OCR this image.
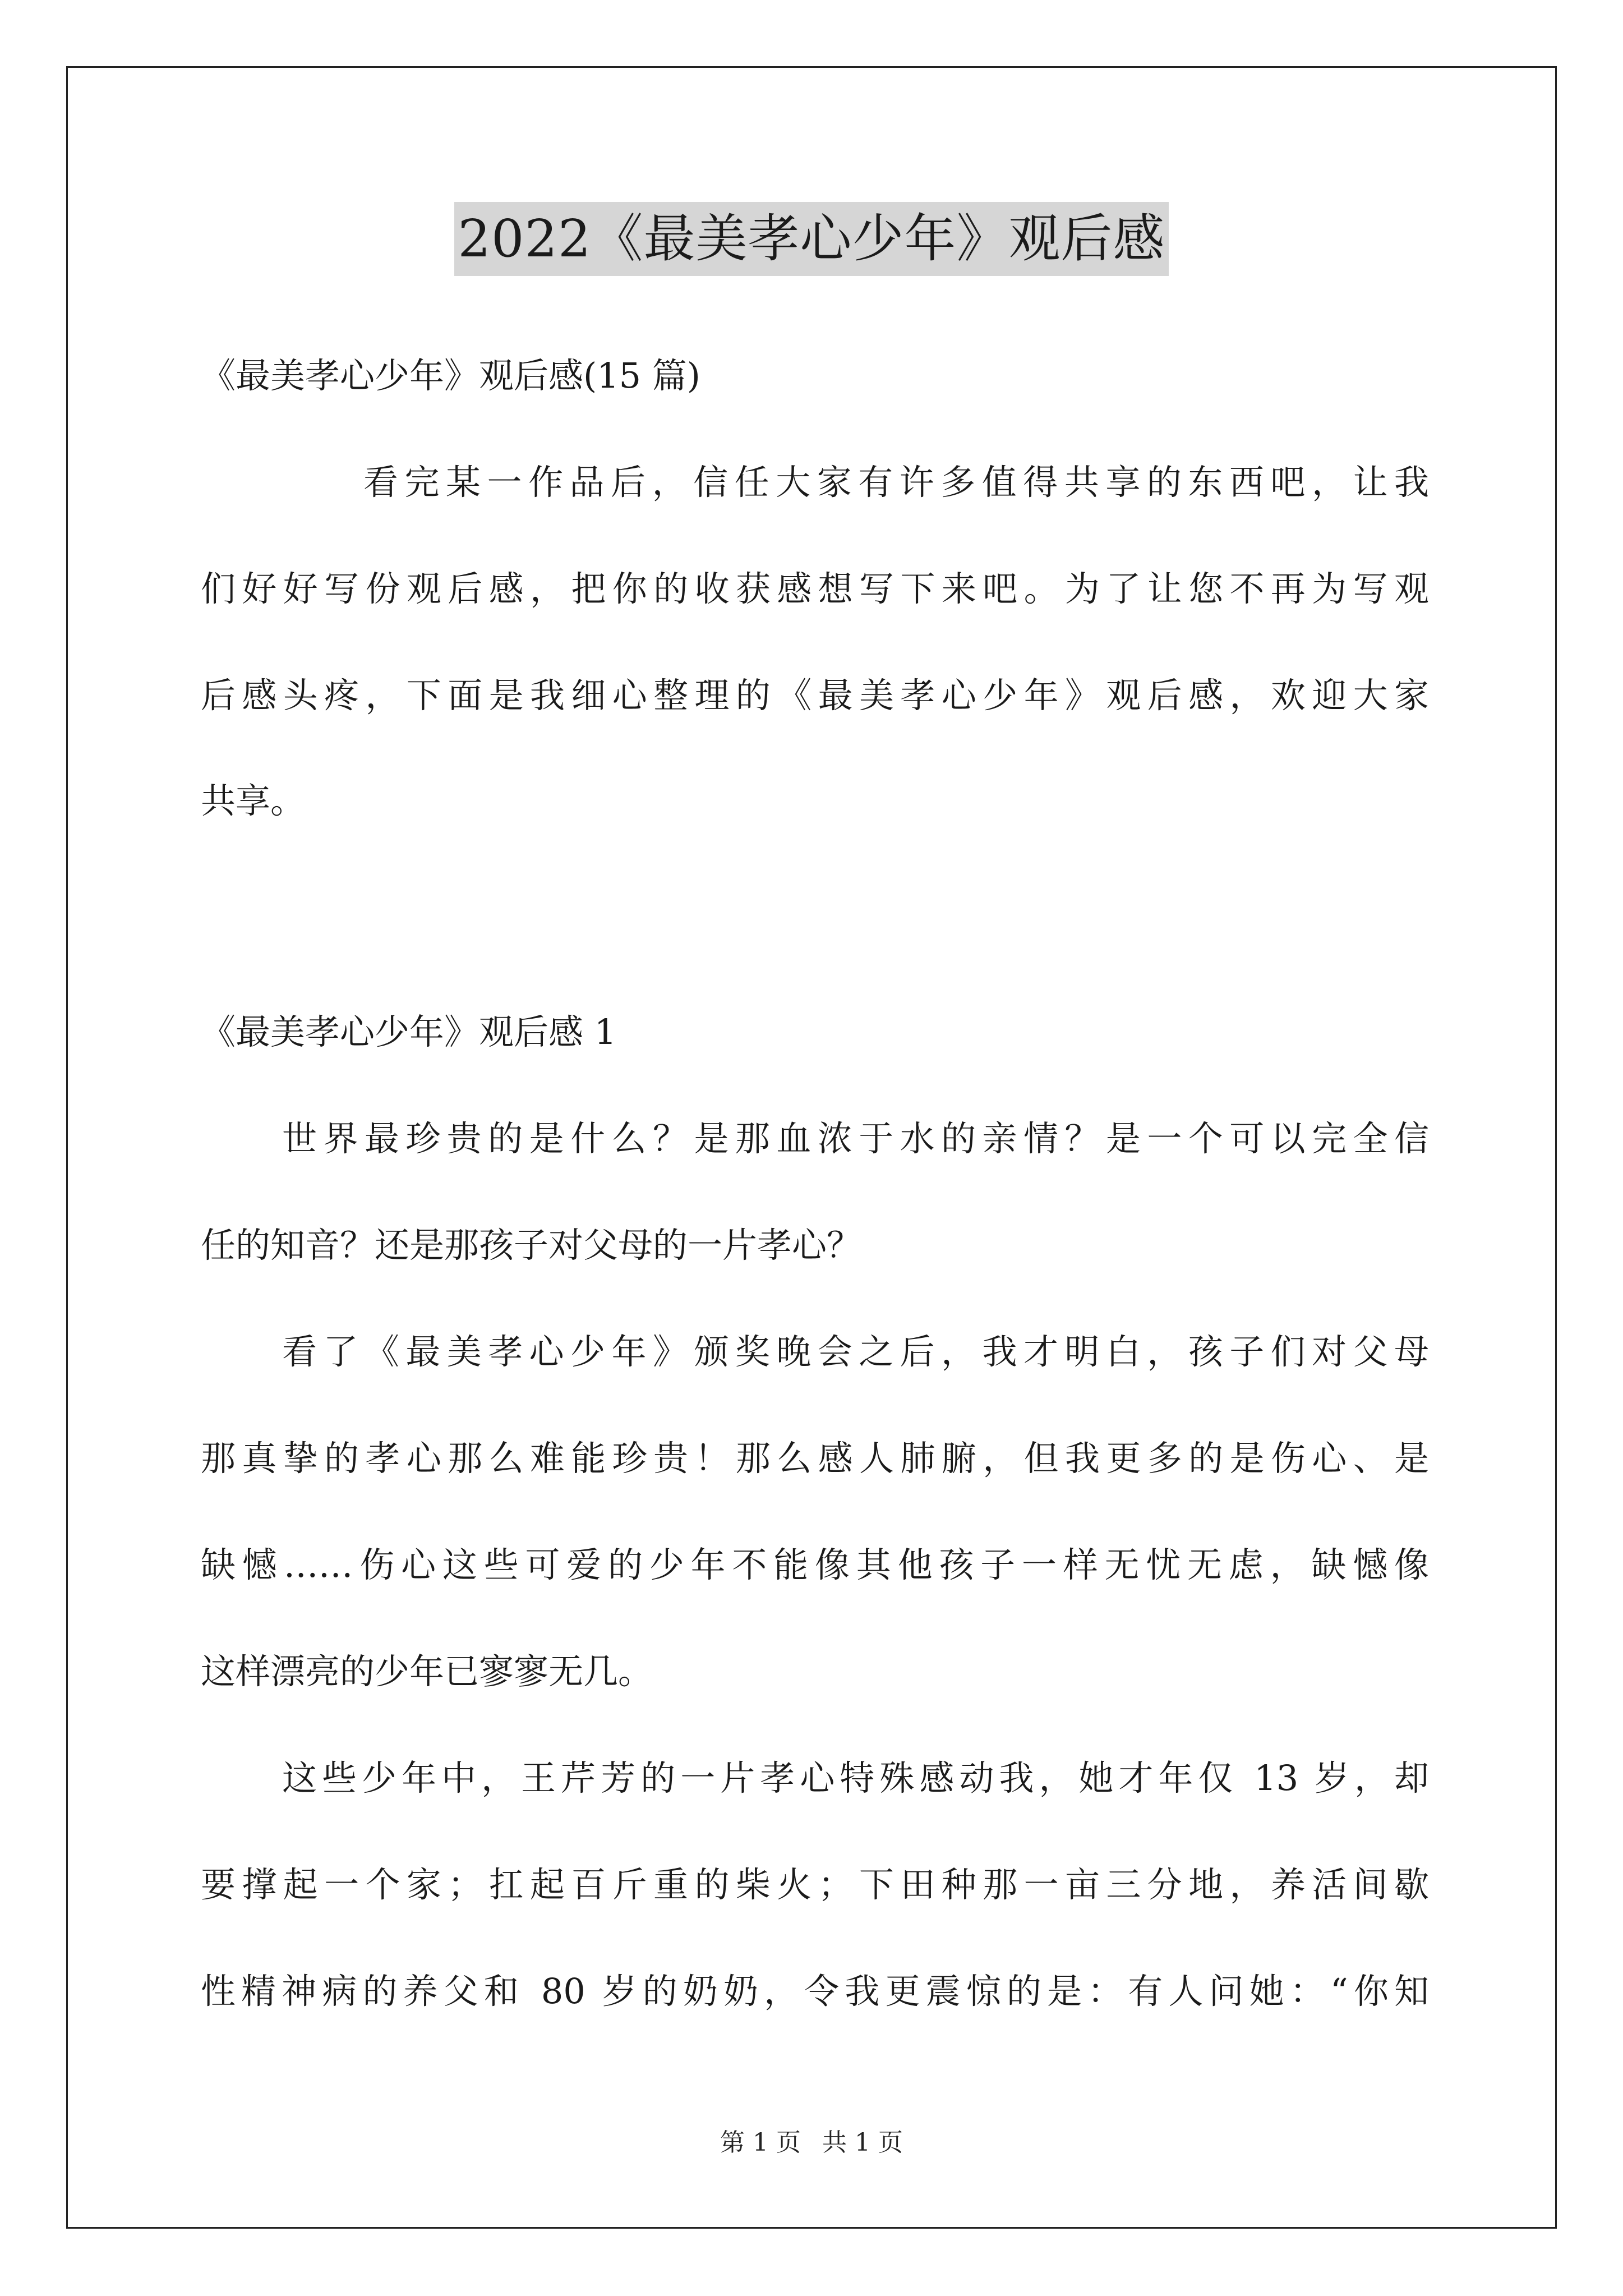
2022《最美孝心少年》观后感
《最美孝心少年》观后感(15 篇)
看完某一作品后，信任大家有许多值得共享的东西吧，让我
们好好写份观后感，把你的收获感想写下来吧。为了让您不再为写观
后感头疼，下面是我细心整理的《最美孝心少年》观后感，欢迎大家
共享。
《最美孝心少年》观后感 1
世界最珍贵的是什么？是那血浓于水的亲情？是一个可以完全信
任的知音？还是那孩子对父母的一片孝心？
看了《最美孝心少年》颁奖晚会之后，我才明白，孩子们对父母
那真挚的孝心那么难能珍贵！那么感人肺腑，但我更多的是伤心、是
缺憾……伤心这些可爱的少年不能像其他孩子一样无忧无虑，缺憾像
这样漂亮的少年已寥寥无几。
这些少年中，王芹芳的一片孝心特殊感动我，她才年仅 13 岁，却
要撑起一个家；扛起百斤重的柴火；下田种那一亩三分地，养活间歇
性精神病的养父和 80 岁的奶奶，令我更震惊的是：有人问她：“你知
第 1 页 共 1 页
